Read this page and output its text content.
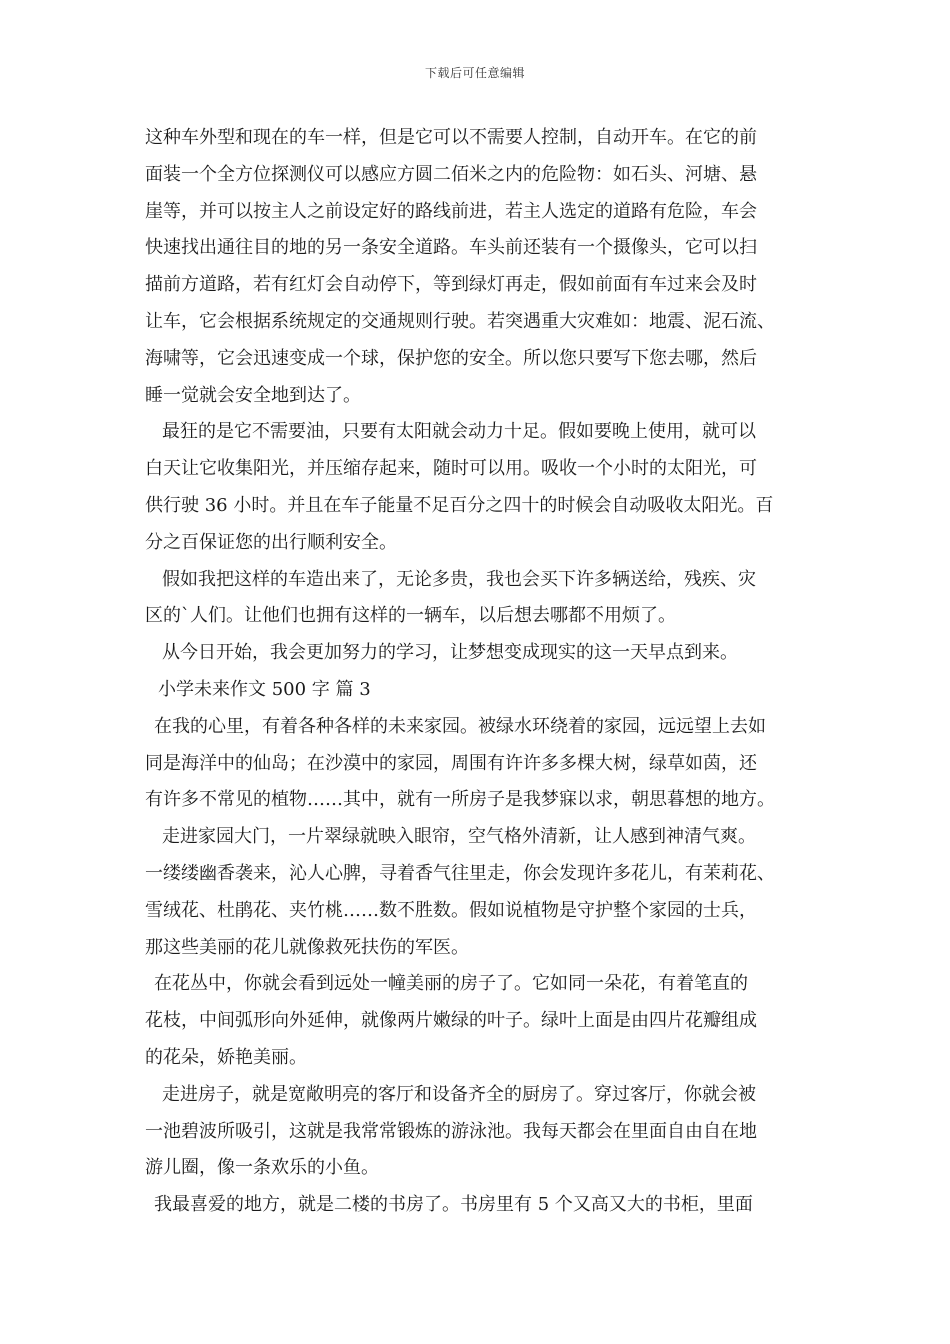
下载后可任意编辑
这种车外型和现在的车一样，但是它可以不需要人控制，自动开车。在它的前
面装一个全方位探测仪可以感应方圆二佰米之内的危险物：如石头、河塘、悬
崖等，并可以按主人之前设定好的路线前进，若主人选定的道路有危险，车会
快速找出通往目的地的另一条安全道路。车头前还装有一个摄像头，它可以扫
描前方道路，若有红灯会自动停下，等到绿灯再走，假如前面有车过来会及时
让车，它会根据系统规定的交通规则行驶。若突遇重大灾难如：地震、泥石流、
海啸等，它会迅速变成一个球，保护您的安全。所以您只要写下您去哪，然后
睡一觉就会安全地到达了。
最狂的是它不需要油，只要有太阳就会动力十足。假如要晚上使用，就可以
白天让它收集阳光，并压缩存起来，随时可以用。吸收一个小时的太阳光，可
供行驶 36 小时。并且在车子能量不足百分之四十的时候会自动吸收太阳光。百
分之百保证您的出行顺利安全。
假如我把这样的车造出来了，无论多贵，我也会买下许多辆送给，残疾、灾
区的`人们。让他们也拥有这样的一辆车，以后想去哪都不用烦了。
从今日开始，我会更加努力的学习，让梦想变成现实的这一天早点到来。
小学未来作文 500 字 篇 3
在我的心里，有着各种各样的未来家园。被绿水环绕着的家园，远远望上去如
同是海洋中的仙岛；在沙漠中的家园，周围有许许多多棵大树，绿草如茵，还
有许多不常见的植物……其中，就有一所房子是我梦寐以求，朝思暮想的地方。
走进家园大门，一片翠绿就映入眼帘，空气格外清新，让人感到神清气爽。
一缕缕幽香袭来，沁人心脾，寻着香气往里走，你会发现许多花儿，有茉莉花、
雪绒花、杜鹃花、夹竹桃……数不胜数。假如说植物是守护整个家园的士兵，
那这些美丽的花儿就像救死扶伤的军医。
在花丛中，你就会看到远处一幢美丽的房子了。它如同一朵花，有着笔直的
花枝，中间弧形向外延伸，就像两片嫩绿的叶子。绿叶上面是由四片花瓣组成
的花朵，娇艳美丽。
走进房子，就是宽敞明亮的客厅和设备齐全的厨房了。穿过客厅，你就会被
一池碧波所吸引，这就是我常常锻炼的游泳池。我每天都会在里面自由自在地
游儿圈，像一条欢乐的小鱼。
我最喜爱的地方，就是二楼的书房了。书房里有 5 个又高又大的书柜，里面
